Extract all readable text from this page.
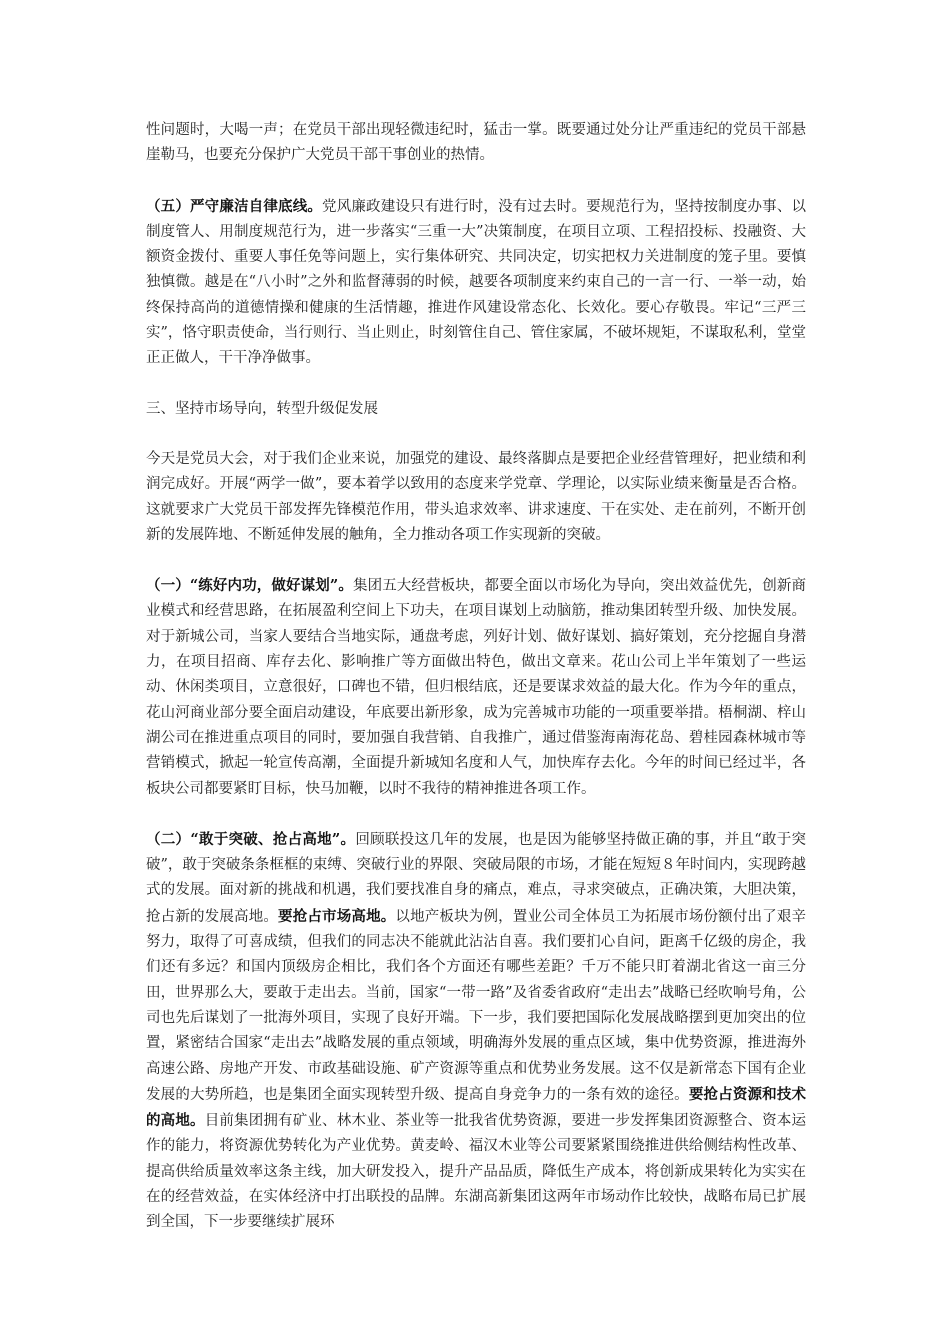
性问题时，大喝一声；在党员干部出现轻微违纪时，猛击一掌。既要通过处分让严重违纪的党员干部悬崖勒马，也要充分保护广大党员干部干事创业的热情。

（五）严守廉洁自律底线。党风廉政建设只有进行时，没有过去时。要规范行为，坚持按制度办事、以制度管人、用制度规范行为，进一步落实“三重一大”决策制度，在项目立项、工程招投标、投融资、大额资金拨付、重要人事任免等问题上，实行集体研究、共同决定，切实把权力关进制度的笼子里。要慎独慎微。越是在“八小时”之外和监督薄弱的时候，越要各项制度来约束自己的一言一行、一举一动，始终保持高尚的道德情操和健康的生活情趣，推进作风建设常态化、长效化。要心存敬畏。牢记“三严三实”，恪守职责使命，当行则行、当止则止，时刻管住自己、管住家属，不破坏规矩，不谋取私利，堂堂正正做人，干干净净做事。

三、坚持市场导向，转型升级促发展

今天是党员大会，对于我们企业来说，加强党的建设、最终落脚点是要把企业经营管理好，把业绩和利润完成好。开展“两学一做”，要本着学以致用的态度来学党章、学理论，以实际业绩来衡量是否合格。这就要求广大党员干部发挥先锋模范作用，带头追求效率、讲求速度、干在实处、走在前列，不断开创新的发展阵地、不断延伸发展的触角，全力推动各项工作实现新的突破。

（一）“练好内功，做好谋划”。集团五大经营板块，都要全面以市场化为导向，突出效益优先，创新商业模式和经营思路，在拓展盈利空间上下功夫，在项目谋划上动脑筋，推动集团转型升级、加快发展。对于新城公司，当家人要结合当地实际，通盘考虑，列好计划、做好谋划、搞好策划，充分挖掘自身潜力，在项目招商、库存去化、影响推广等方面做出特色，做出文章来。花山公司上半年策划了一些运动、休闲类项目，立意很好，口碑也不错，但归根结底，还是要谋求效益的最大化。作为今年的重点，花山河商业部分要全面启动建设，年底要出新形象，成为完善城市功能的一项重要举措。梧桐湖、梓山湖公司在推进重点项目的同时，要加强自我营销、自我推广，通过借鉴海南海花岛、碧桂园森林城市等营销模式，掀起一轮宣传高潮，全面提升新城知名度和人气，加快库存去化。今年的时间已经过半，各板块公司都要紧盯目标，快马加鞭，以时不我待的精神推进各项工作。

（二）“敢于突破、抢占高地”。回顾联投这几年的发展，也是因为能够坚持做正确的事，并且“敢于突破”，敢于突破条条框框的束缚、突破行业的界限、突破局限的市场，才能在短短８年时间内，实现跨越式的发展。面对新的挑战和机遇，我们要找准自身的痛点，难点，寻求突破点，正确决策，大胆决策，抢占新的发展高地。要抢占市场高地。以地产板块为例，置业公司全体员工为拓展市场份额付出了艰辛努力，取得了可喜成绩，但我们的同志决不能就此沾沾自喜。我们要扪心自问，距离千亿级的房企，我们还有多远？和国内顶级房企相比，我们各个方面还有哪些差距？千万不能只盯着湖北省这一亩三分田，世界那么大，要敢于走出去。当前，国家“一带一路”及省委省政府“走出去”战略已经吹响号角，公司也先后谋划了一批海外项目，实现了良好开端。下一步，我们要把国际化发展战略摆到更加突出的位置，紧密结合国家“走出去”战略发展的重点领域，明确海外发展的重点区域，集中优势资源，推进海外高速公路、房地产开发、市政基础设施、矿产资源等重点和优势业务发展。这不仅是新常态下国有企业发展的大势所趋，也是集团全面实现转型升级、提高自身竞争力的一条有效的途径。要抢占资源和技术的高地。目前集团拥有矿业、林木业、茶业等一批我省优势资源，要进一步发挥集团资源整合、资本运作的能力，将资源优势转化为产业优势。黄麦岭、福汉木业等公司要紧紧围绕推进供给侧结构性改革、提高供给质量效率这条主线，加大研发投入，提升产品品质，降低生产成本，将创新成果转化为实实在在的经营效益，在实体经济中打出联投的品牌。东湖高新集团这两年市场动作比较快，战略布局已扩展到全国，下一步要继续扩展环
